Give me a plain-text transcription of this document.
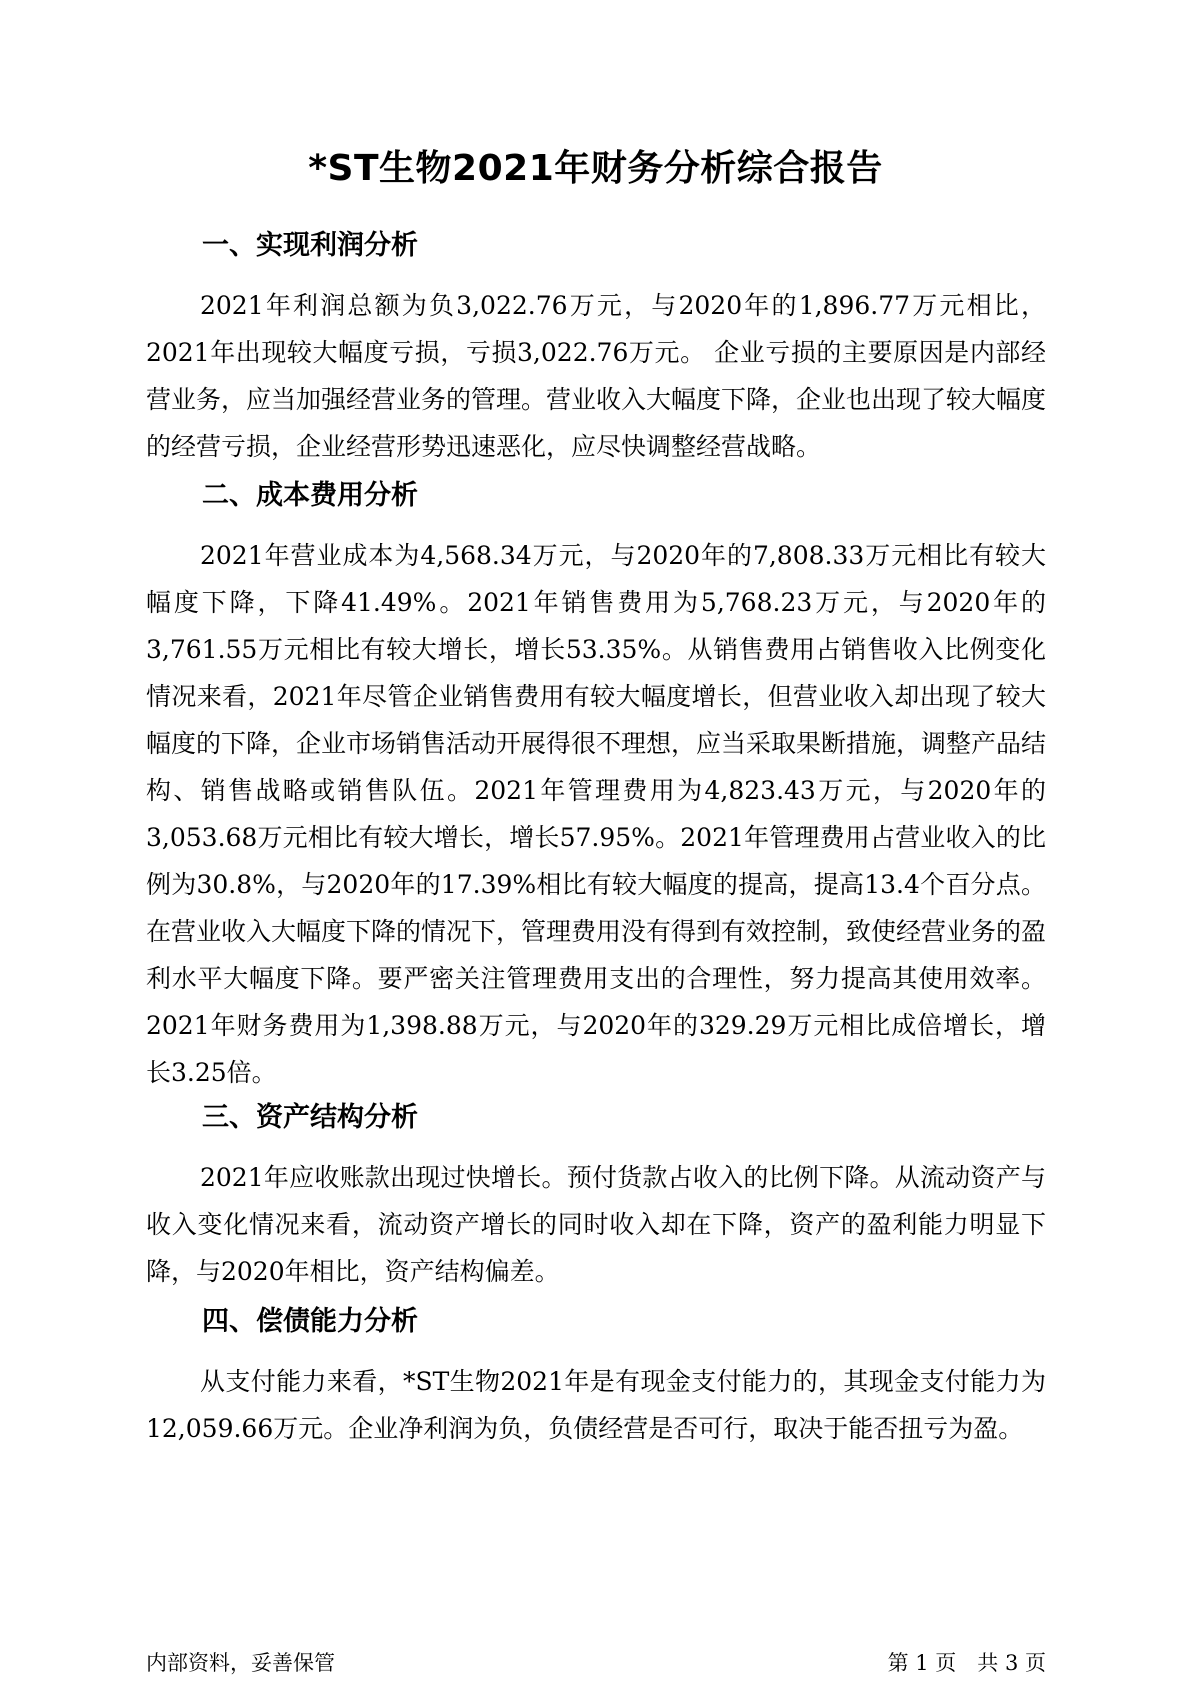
*ST生物2021年财务分析综合报告
一、实现利润分析

2021年利润总额为负3,022.76万元，与2020年的1,896.77万元相比，2021年出现较大幅度亏损，亏损3,022.76万元。 企业亏损的主要原因是内部经营业务，应当加强经营业务的管理。营业收入大幅度下降，企业也出现了较大幅度的经营亏损，企业经营形势迅速恶化，应尽快调整经营战略。

二、成本费用分析

2021年营业成本为4,568.34万元，与2020年的7,808.33万元相比有较大幅度下降，下降41.49%。2021年销售费用为5,768.23万元，与2020年的3,761.55万元相比有较大增长，增长53.35%。从销售费用占销售收入比例变化情况来看，2021年尽管企业销售费用有较大幅度增长，但营业收入却出现了较大幅度的下降，企业市场销售活动开展得很不理想，应当采取果断措施，调整产品结构、销售战略或销售队伍。2021年管理费用为4,823.43万元，与2020年的3,053.68万元相比有较大增长，增长57.95%。2021年管理费用占营业收入的比例为30.8%，与2020年的17.39%相比有较大幅度的提高，提高13.4个百分点。在营业收入大幅度下降的情况下，管理费用没有得到有效控制，致使经营业务的盈利水平大幅度下降。要严密关注管理费用支出的合理性，努力提高其使用效率。2021年财务费用为1,398.88万元，与2020年的329.29万元相比成倍增长，增长3.25倍。

三、资产结构分析

2021年应收账款出现过快增长。预付货款占收入的比例下降。从流动资产与收入变化情况来看，流动资产增长的同时收入却在下降，资产的盈利能力明显下降，与2020年相比，资产结构偏差。

四、偿债能力分析

从支付能力来看，*ST生物2021年是有现金支付能力的，其现金支付能力为12,059.66万元。企业净利润为负，负债经营是否可行，取决于能否扭亏为盈。

内部资料，妥善保管	第 1 页　共 3 页
